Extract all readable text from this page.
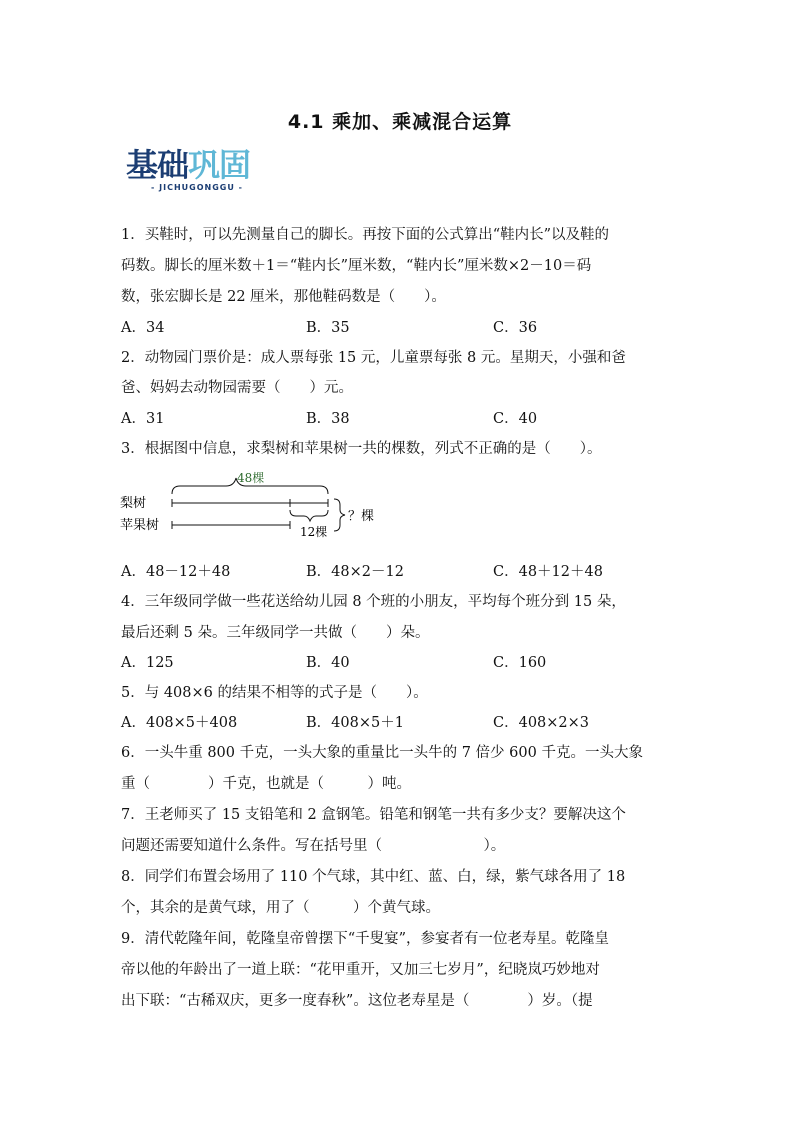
4.1 乘加、乘减混合运算
基础巩固
- JICHUGONGGU -
1．买鞋时，可以先测量自己的脚长。再按下面的公式算出“鞋内长”以及鞋的
码数。脚长的厘米数＋1＝“鞋内长”厘米数，“鞋内长”厘米数×2－10＝码
数，张宏脚长是 22 厘米，那他鞋码数是（　　）。
A．34	B．35	C．36
2．动物园门票价是：成人票每张 15 元，儿童票每张 8 元。星期天，小强和爸
爸、妈妈去动物园需要（　　）元。
A．31	B．38	C．40
3．根据图中信息，求梨树和苹果树一共的棵数，列式不正确的是（　　）。
48棵
梨树
苹果树	12棵
？棵
A．48－12＋48	B．48×2－12	C．48＋12＋48
4．三年级同学做一些花送给幼儿园 8 个班的小朋友，平均每个班分到 15 朵，
最后还剩 5 朵。三年级同学一共做（　　）朵。
A．125	B．40	C．160
5．与 408×6 的结果不相等的式子是（　　）。
A．408×5＋408	B．408×5＋1	C．408×2×3
6．一头牛重 800 千克，一头大象的重量比一头牛的 7 倍少 600 千克。一头大象
重（　　　　）千克，也就是（　　　）吨。
7．王老师买了 15 支铅笔和 2 盒钢笔。铅笔和钢笔一共有多少支？要解决这个
问题还需要知道什么条件。写在括号里（　　　　　　　）。
8．同学们布置会场用了 110 个气球，其中红、蓝、白，绿，紫气球各用了 18
个，其余的是黄气球，用了（　　　）个黄气球。
9．清代乾隆年间，乾隆皇帝曾摆下“千叟宴”，参宴者有一位老寿星。乾隆皇
帝以他的年龄出了一道上联：“花甲重开，又加三七岁月”，纪晓岚巧妙地对
出下联：“古稀双庆，更多一度春秋”。这位老寿星是（　　　　）岁。（提
